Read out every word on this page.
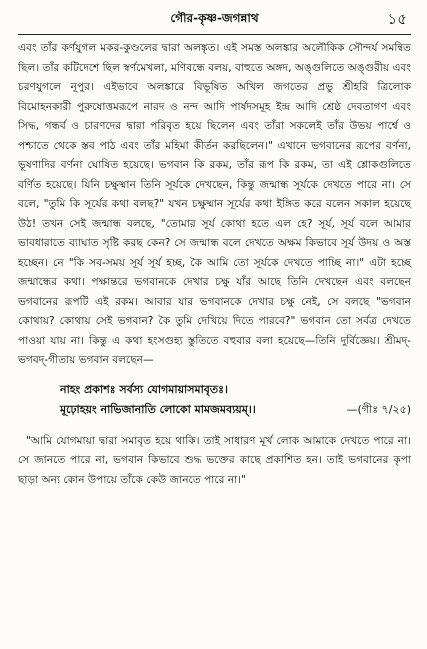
গৌর-কৃষ্ণ-জগন্নাথ	১৫

এবং তাঁর কর্ণযুগল মকর-কুণ্ডলের দ্বারা অলঙ্কৃত। এই সমস্ত অলঙ্কার অলৌকিক সৌন্দর্য সমন্বিত ছিল। তাঁর কটিদেশে ছিল স্বর্ণমেখলা, মণিবন্ধে বলয়, বাহুতে অঙ্গদ, অঙ্গুলিতে অঙ্গুরীয় এবং চরণযুগলে নূপুর। এইভাবে অলঙ্কারে বিভূষিত অখিল জগতের প্রভু শ্রীহরি ত্রিলোক বিমোহনকারী পুরুষোত্তমরূপে নারদ ও নন্দ আদি পার্ষদসমূহ ইন্দ্র আদি শ্রেষ্ঠ দেবতাগণ এবং সিদ্ধ, গন্ধর্ব ও চারণদের দ্বারা পরিবৃত হয়ে ছিলেন এবং তাঁরা সকলেই তাঁর উভয় পার্শ্বে ও পশ্চাতে থেকে স্তব পাঠ এবং তাঁর মহিমা কীর্তন করছিলেন।" এখানে ভগবানের রূপের বর্ণনা, ভূষণাদির বর্ণনা ঘোষিত হয়েছে। ভগবান কি রকম, তাঁর রূপ কি রকম, তা এই শ্লোকগুলিতে বর্ণিত হয়েছে। যিনি চক্ষুষ্মান তিনি সূর্যকে দেখছেন, কিন্তু জন্মান্ধ সূর্যকে দেখতে পারে না। সে বলে, "তুমি কি সূর্যের কথা বলছ?" যখন চক্ষুষ্মান সূর্যের কথা ইঙ্গিত করে বলেন সকাল হয়েছে উঠ! তখন সেই জন্মান্ধ বলছে, "তোমার সূর্য কোথা হতে এল হে? সূর্য, সূর্য বলে আমার ভাবধারাতে ব্যাঘাত সৃষ্টি করছ কেন? সে জন্মান্ধ বলে দেখতে অক্ষম কিভাবে সূর্য উদয় ও অস্ত হচ্ছেন। নে "কি সব-সময় সূর্য সূর্য হচ্ছ, কৈ আমি তো সূর্যকে দেখতে পাচ্ছি না।" এটা হচ্ছে জন্মান্ধের কথা। পক্ষান্তরে ভগবানকে দেখার চক্ষু যাঁর আছে তিনি দেখছেন এবং বলছেন ভগবানের রূপটি এই রকম। আবার যার ভগবানকে দেখার চক্ষু নেই, সে বলছে "ভগবান কোথায়? কোথায় সেই ভগবান? কৈ তুমি দেখিয়ে দিতে পারবে?" ভগবান তো সর্বত্র দেখতে পাওয়া যায় না। কিন্তু এ কথা হংসগুহ্য স্তুতিতে বহুবার বলা হয়েছে—তিনি দুর্বিজ্ঞেয়। শ্রীমদ্-ভগবদ্-গীতায় ভগবান বলছেন—

নাহং প্রকাশঃ সর্বস্য যোগমায়াসমাবৃতঃ।

মূঢ়োহয়ং নাভিজানাতি লোকো মামজমব্যয়ম্।।	—(গীঃ ৭/২৫)

"আমি যোগমায়া দ্বারা সমাবৃত হয়ে থাকি। তাই সাধারণ মূর্খ লোক আমাকে দেখতে পারে না। সে জানতে পারে না, ভগবান কিভাবে শুদ্ধ ভক্তের কাছে প্রকাশিত হন। তাই ভগবানের কৃপা ছাড়া অন্য কোন উপায়ে তাঁকে কেউ জানতে পারে না।"
